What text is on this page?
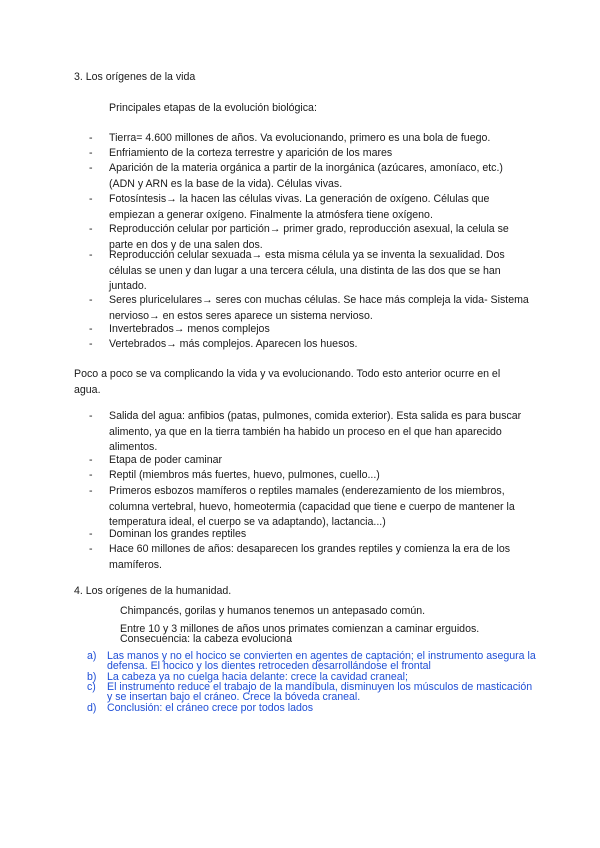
3. Los orígenes de la vida
Principales etapas de la evolución biológica:
- Tierra= 4.600 millones de años. Va evolucionando, primero es una bola de fuego.
- Enfriamiento de la corteza terrestre y aparición de los mares
- Aparición de la materia orgánica a partir de la inorgánica (azúcares, amoníaco, etc.) (ADN y ARN es la base de la vida). Células vivas.
- Fotosíntesis→ la hacen las células vivas. La generación de oxígeno. Células que empiezan a generar oxígeno. Finalmente la atmósfera tiene oxígeno.
- Reproducción celular por partición→ primer grado, reproducción asexual, la celula se parte en dos y de una salen dos.
- Reproducción celular sexuada→ esta misma célula ya se inventa la sexualidad. Dos células se unen y dan lugar a una tercera célula, una distinta de las dos que se han juntado.
- Seres pluricelulares→ seres con muchas células. Se hace más compleja la vida- Sistema nervioso→ en estos seres aparece un sistema nervioso.
- Invertebrados→ menos complejos
- Vertebrados→ más complejos. Aparecen los huesos.
Poco a poco se va complicando la vida y va evolucionando. Todo esto anterior ocurre en el agua.
- Salida del agua: anfibios (patas, pulmones, comida exterior). Esta salida es para buscar alimento, ya que en la tierra también ha habido un proceso en el que han aparecido alimentos.
- Etapa de poder caminar
- Reptil (miembros más fuertes, huevo, pulmones, cuello...)
- Primeros esbozos mamíferos o reptiles mamales (enderezamiento de los miembros, columna vertebral, huevo, homeotermia (capacidad que tiene e cuerpo de mantener la temperatura ideal, el cuerpo se va adaptando), lactancia...)
- Dominan los grandes reptiles
- Hace 60 millones de años: desaparecen los grandes reptiles y comienza la era de los mamíferos.
4. Los orígenes de la humanidad.
Chimpancés, gorilas y humanos tenemos un antepasado común.
Entre 10 y 3 millones de años unos primates comienzan a caminar erguidos.
Consecuencia: la cabeza evoluciona
a) Las manos y no el hocico se convierten en agentes de captación; el instrumento asegura la defensa. El hocico y los dientes retroceden desarrollándose el frontal
b) La cabeza ya no cuelga hacia delante: crece la cavidad craneal;
c) El instrumento reduce el trabajo de la mandíbula, disminuyen los músculos de masticación y se insertan bajo el cráneo. Crece la bóveda craneal.
d) Conclusión: el cráneo crece por todos lados
